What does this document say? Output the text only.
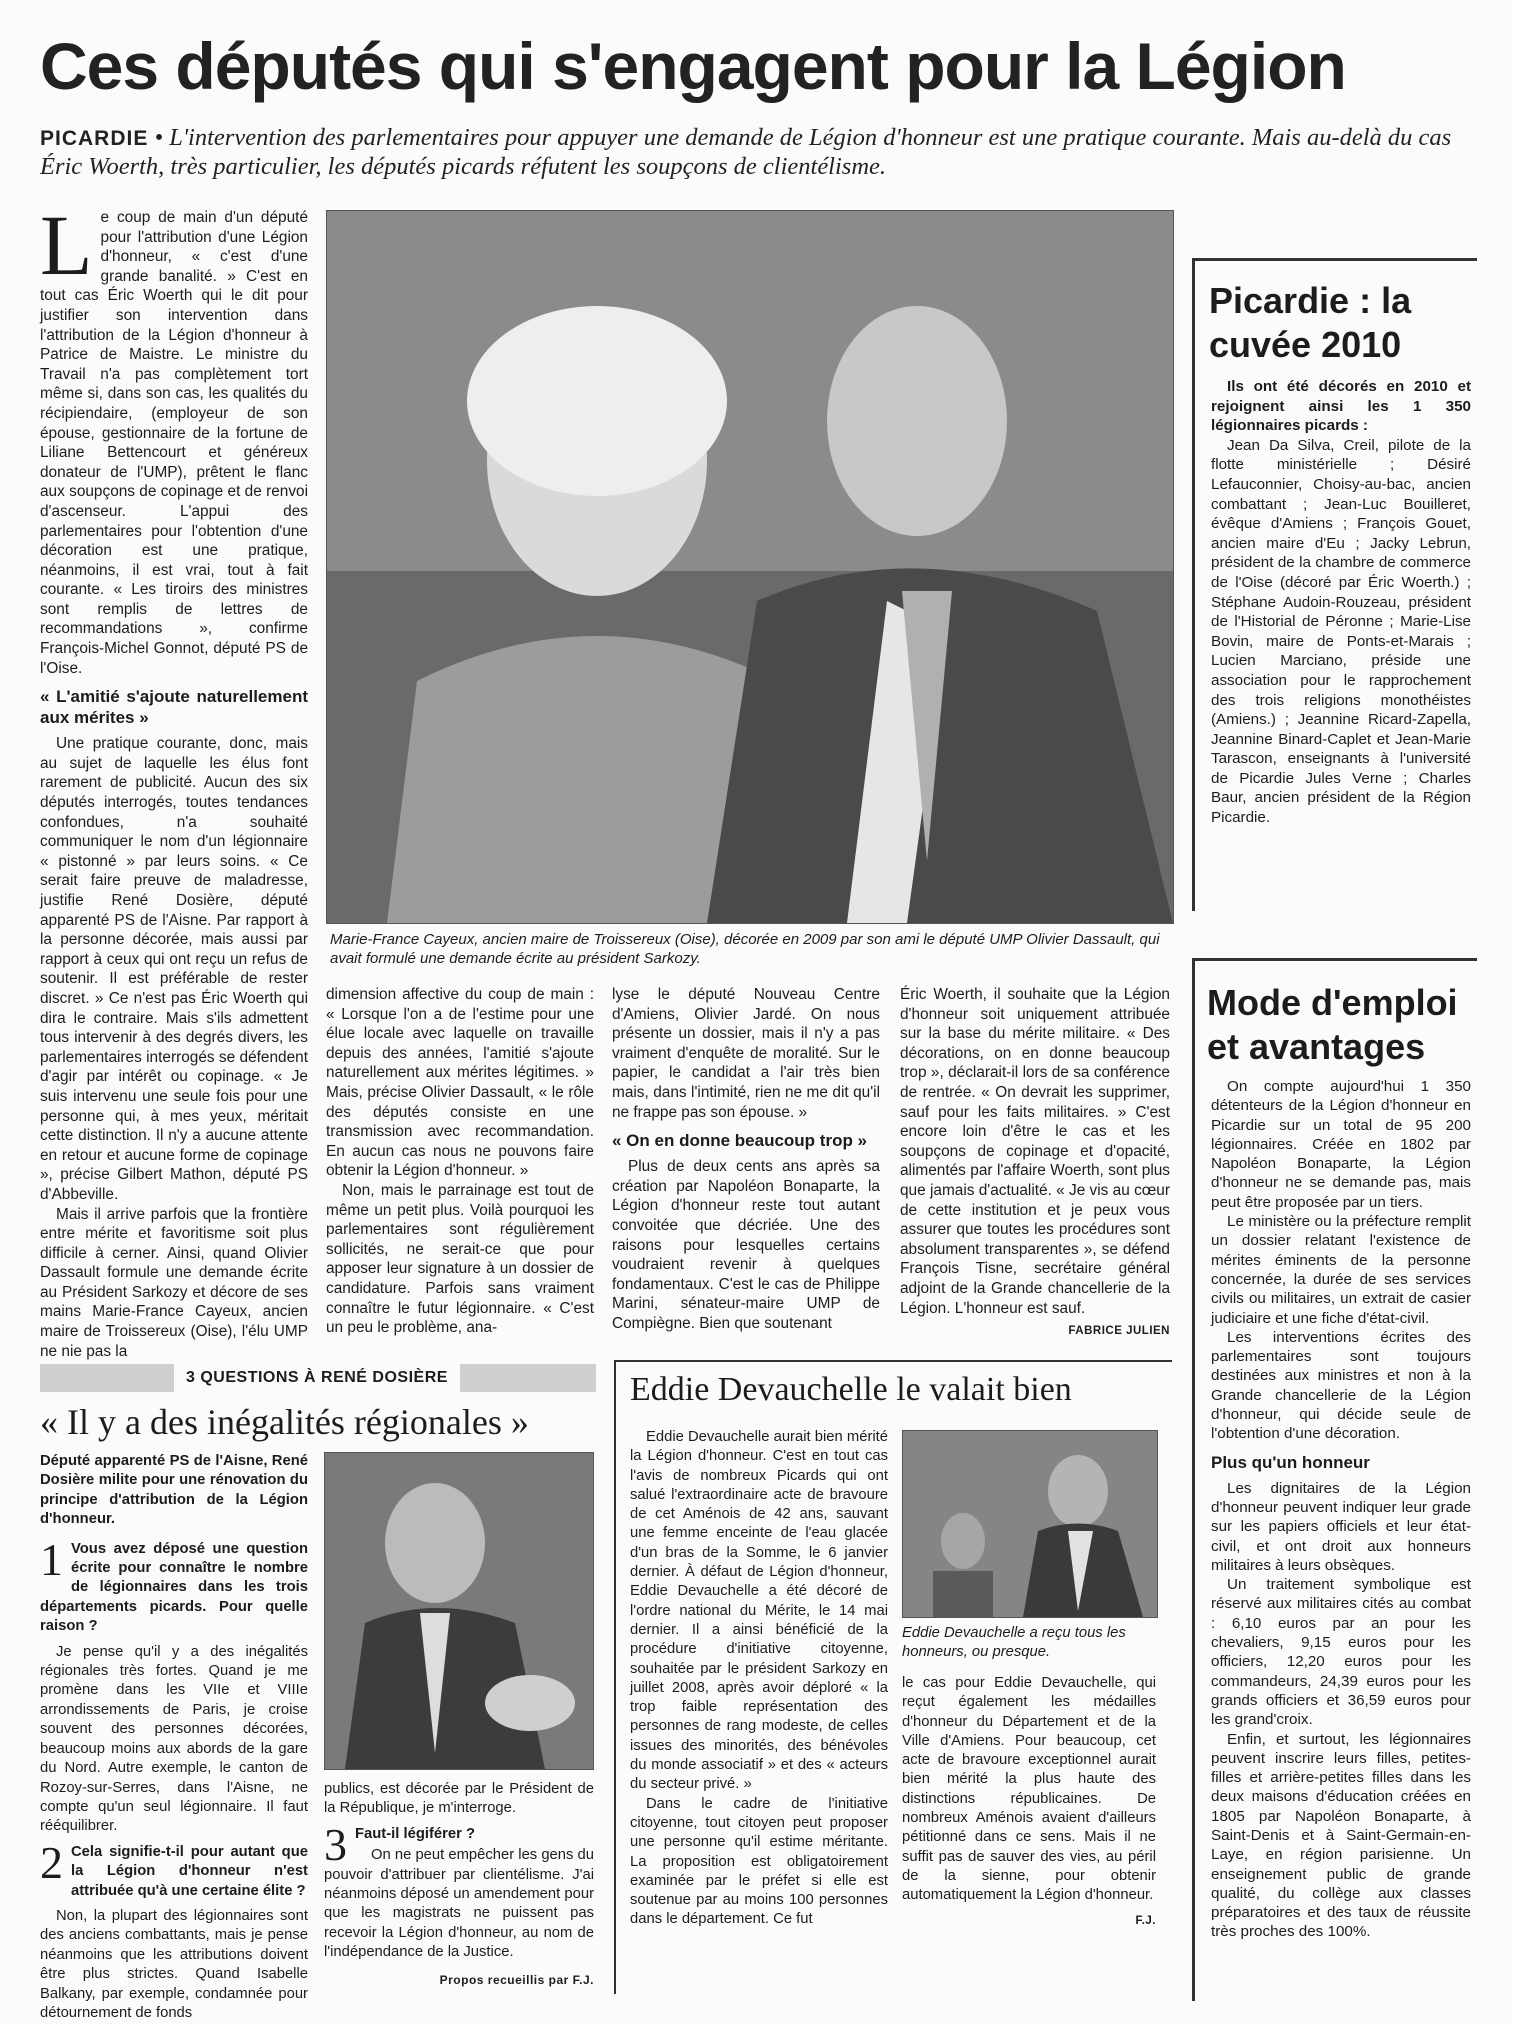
Ces députés qui s'engagent pour la Légion
PICARDIE • L'intervention des parlementaires pour appuyer une demande de Légion d'honneur est une pratique courante. Mais au-delà du cas Éric Woerth, très particulier, les députés picards réfutent les soupçons de clientélisme.

Le coup de main d'un député pour l'attribution d'une Légion d'honneur, « c'est d'une grande banalité. » C'est en tout cas Éric Woerth qui le dit pour justifier son intervention dans l'attribution de la Légion d'honneur à Patrice de Maistre. Le ministre du Travail n'a pas complètement tort même si, dans son cas, les qualités du récipiendaire, (employeur de son épouse, gestionnaire de la fortune de Liliane Bettencourt et généreux donateur de l'UMP), prêtent le flanc aux soupçons de copinage et de renvoi d'ascenseur. L'appui des parlementaires pour l'obtention d'une décoration est une pratique, néanmoins, il est vrai, tout à fait courante. « Les tiroirs des ministres sont remplis de lettres de recommandations », confirme François-Michel Gonnot, député PS de l'Oise.

« L'amitié s'ajoute naturellement aux mérites »

Une pratique courante, donc, mais au sujet de laquelle les élus font rarement de publicité. Aucun des six députés interrogés, toutes tendances confondues, n'a souhaité communiquer le nom d'un légionnaire « pistonné » par leurs soins. « Ce serait faire preuve de maladresse, justifie René Dosière, député apparenté PS de l'Aisne. Par rapport à la personne décorée, mais aussi par rapport à ceux qui ont reçu un refus de soutenir. Il est préférable de rester discret. » Ce n'est pas Éric Woerth qui dira le contraire. Mais s'ils admettent tous intervenir à des degrés divers, les parlementaires interrogés se défendent d'agir par intérêt ou copinage. « Je suis intervenu une seule fois pour une personne qui, à mes yeux, méritait cette distinction. Il n'y a aucune attente en retour et aucune forme de copinage », précise Gilbert Mathon, député PS d'Abbeville.

Mais il arrive parfois que la frontière entre mérite et favoritisme soit plus difficile à cerner. Ainsi, quand Olivier Dassault formule une demande écrite au Président Sarkozy et décore de ses mains Marie-France Cayeux, ancien maire de Troissereux (Oise), l'élu UMP ne nie pas la

Marie-France Cayeux, ancien maire de Troissereux (Oise), décorée en 2009 par son ami le député UMP Olivier Dassault, qui avait formulé une demande écrite au président Sarkozy.

dimension affective du coup de main : « Lorsque l'on a de l'estime pour une élue locale avec laquelle on travaille depuis des années, l'amitié s'ajoute naturellement aux mérites légitimes. » Mais, précise Olivier Dassault, « le rôle des députés consiste en une transmission avec recommandation. En aucun cas nous ne pouvons faire obtenir la Légion d'honneur. »

Non, mais le parrainage est tout de même un petit plus. Voilà pourquoi les parlementaires sont régulièrement sollicités, ne serait-ce que pour apposer leur signature à un dossier de candidature. Parfois sans vraiment connaître le futur légionnaire. « C'est un peu le problème, ana-

lyse le député Nouveau Centre d'Amiens, Olivier Jardé. On nous présente un dossier, mais il n'y a pas vraiment d'enquête de moralité. Sur le papier, le candidat a l'air très bien mais, dans l'intimité, rien ne me dit qu'il ne frappe pas son épouse. »

« On en donne beaucoup trop »

Plus de deux cents ans après sa création par Napoléon Bonaparte, la Légion d'honneur reste tout autant convoitée que décriée. Une des raisons pour lesquelles certains voudraient revenir à quelques fondamentaux. C'est le cas de Philippe Marini, sénateur-maire UMP de Compiègne. Bien que soutenant

Éric Woerth, il souhaite que la Légion d'honneur soit uniquement attribuée sur la base du mérite militaire. « Des décorations, on en donne beaucoup trop », déclarait-il lors de sa conférence de rentrée. « On devrait les supprimer, sauf pour les faits militaires. » C'est encore loin d'être le cas et les soupçons de copinage et d'opacité, alimentés par l'affaire Woerth, sont plus que jamais d'actualité. « Je vis au cœur de cette institution et je peux vous assurer que toutes les procédures sont absolument transparentes », se défend François Tisne, secrétaire général adjoint de la Grande chancellerie de la Légion. L'honneur est sauf.

FABRICE JULIEN
Picardie : la
cuvée 2010

Ils ont été décorés en 2010 et rejoignent ainsi les 1 350 légionnaires picards :

Jean Da Silva, Creil, pilote de la flotte ministérielle ; Désiré Lefauconnier, Choisy-au-bac, ancien combattant ; Jean-Luc Bouilleret, évêque d'Amiens ; François Gouet, ancien maire d'Eu ; Jacky Lebrun, président de la chambre de commerce de l'Oise (décoré par Éric Woerth.) ; Stéphane Audoin-Rouzeau, président de l'Historial de Péronne ; Marie-Lise Bovin, maire de Ponts-et-Marais ; Lucien Marciano, préside une association pour le rapprochement des trois religions monothéistes (Amiens.) ; Jeannine Ricard-Zapella, Jeannine Binard-Caplet et Jean-Marie Tarascon, enseignants à l'université de Picardie Jules Verne ; Charles Baur, ancien président de la Région Picardie.

Mode d'emploi
et avantages

On compte aujourd'hui 1 350 détenteurs de la Légion d'honneur en Picardie sur un total de 95 200 légionnaires. Créée en 1802 par Napoléon Bonaparte, la Légion d'honneur ne se demande pas, mais peut être proposée par un tiers.

Le ministère ou la préfecture remplit un dossier relatant l'existence de mérites éminents de la personne concernée, la durée de ses services civils ou militaires, un extrait de casier judiciaire et une fiche d'état-civil.

Les interventions écrites des parlementaires sont toujours destinées aux ministres et non à la Grande chancellerie de la Légion d'honneur, qui décide seule de l'obtention d'une décoration.

Plus qu'un honneur

Les dignitaires de la Légion d'honneur peuvent indiquer leur grade sur les papiers officiels et leur état-civil, et ont droit aux honneurs militaires à leurs obsèques.

Un traitement symbolique est réservé aux militaires cités au combat : 6,10 euros par an pour les chevaliers, 9,15 euros pour les officiers, 12,20 euros pour les commandeurs, 24,39 euros pour les grands officiers et 36,59 euros pour les grand'croix.

Enfin, et surtout, les légionnaires peuvent inscrire leurs filles, petites-filles et arrière-petites filles dans les deux maisons d'éducation créées en 1805 par Napoléon Bonaparte, à Saint-Denis et à Saint-Germain-en-Laye, en région parisienne. Un enseignement public de grande qualité, du collège aux classes préparatoires et des taux de réussite très proches des 100%.

3 QUESTIONS À RENÉ DOSIÈRE
« Il y a des inégalités régionales »

Député apparenté PS de l'Aisne, René Dosière milite pour une rénovation du principe d'attribution de la Légion d'honneur.

1 Vous avez déposé une question écrite pour connaître le nombre de légionnaires dans les trois départements picards. Pour quelle raison ?

Je pense qu'il y a des inégalités régionales très fortes. Quand je me promène dans les VIIe et VIIIe arrondissements de Paris, je croise souvent des personnes décorées, beaucoup moins aux abords de la gare du Nord. Autre exemple, le canton de Rozoy-sur-Serres, dans l'Aisne, ne compte qu'un seul légionnaire. Il faut rééquilibrer.

2 Cela signifie-t-il pour autant que la Légion d'honneur n'est attribuée qu'à une certaine élite ?

Non, la plupart des légionnaires sont des anciens combattants, mais je pense néanmoins que les attributions doivent être plus strictes. Quand Isabelle Balkany, par exemple, condamnée pour détournement de fonds

publics, est décorée par le Président de la République, je m'interroge.

3 Faut-il légiférer ?

On ne peut empêcher les gens du pouvoir d'attribuer par clientélisme. J'ai néanmoins déposé un amendement pour que les magistrats ne puissent pas recevoir la Légion d'honneur, au nom de l'indépendance de la Justice.

Propos recueillis par F.J.
Eddie Devauchelle le valait bien

Eddie Devauchelle aurait bien mérité la Légion d'honneur. C'est en tout cas l'avis de nombreux Picards qui ont salué l'extraordinaire acte de bravoure de cet Aménois de 42 ans, sauvant une femme enceinte de l'eau glacée d'un bras de la Somme, le 6 janvier dernier. À défaut de Légion d'honneur, Eddie Devauchelle a été décoré de l'ordre national du Mérite, le 14 mai dernier. Il a ainsi bénéficié de la procédure d'initiative citoyenne, souhaitée par le président Sarkozy en juillet 2008, après avoir déploré « la trop faible représentation des personnes de rang modeste, de celles issues des minorités, des bénévoles du monde associatif » et des « acteurs du secteur privé. »

Dans le cadre de l'initiative citoyenne, tout citoyen peut proposer une personne qu'il estime méritante. La proposition est obligatoirement examinée par le préfet si elle est soutenue par au moins 100 personnes dans le département. Ce fut

Eddie Devauchelle a reçu tous les honneurs, ou presque.

le cas pour Eddie Devauchelle, qui reçut également les médailles d'honneur du Département et de la Ville d'Amiens. Pour beaucoup, cet acte de bravoure exceptionnel aurait bien mérité la plus haute des distinctions républicaines. De nombreux Aménois avaient d'ailleurs pétitionné dans ce sens. Mais il ne suffit pas de sauver des vies, au péril de la sienne, pour obtenir automatiquement la Légion d'honneur.

F.J.
